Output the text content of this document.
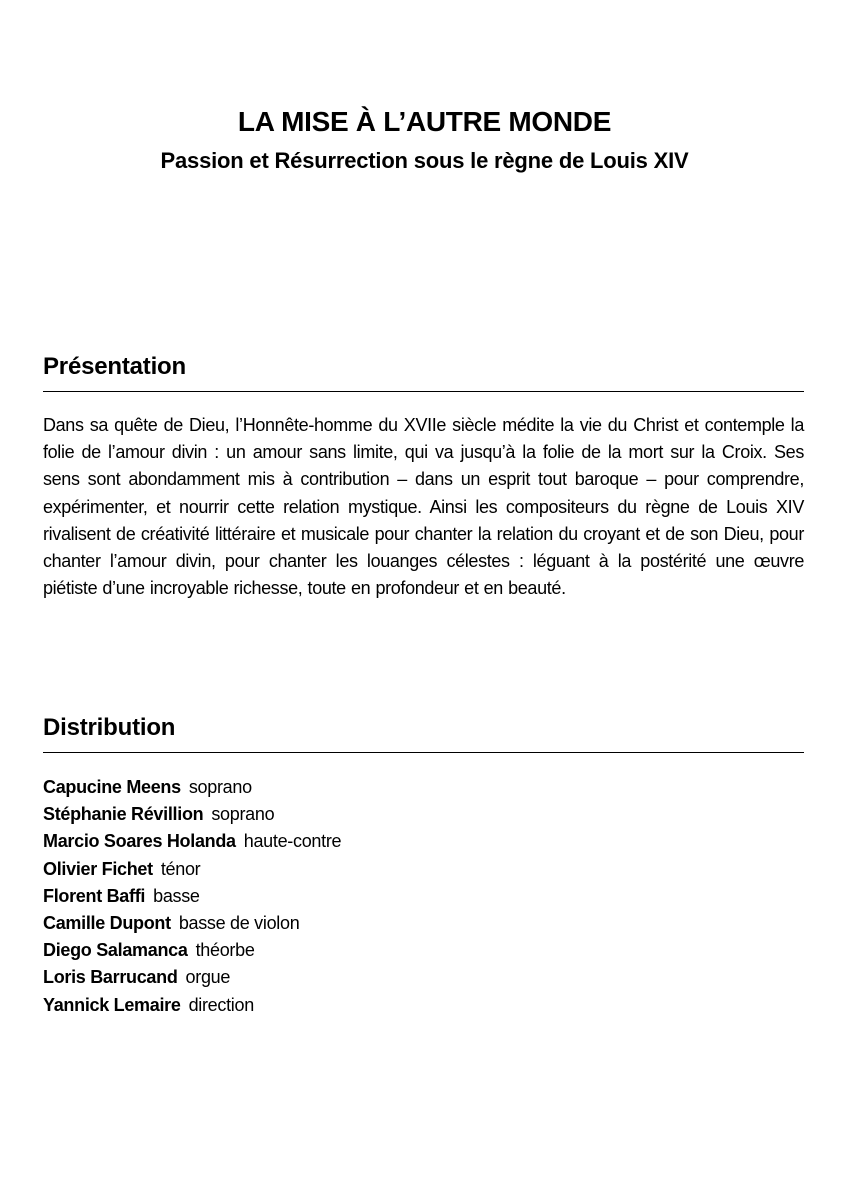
LA MISE À L’AUTRE MONDE
Passion et Résurrection sous le règne de Louis XIV
Présentation

Dans sa quête de Dieu, l’Honnête-homme du XVIIe siècle médite la vie du Christ et contemple la folie de l’amour divin : un amour sans limite, qui va jusqu’à la folie de la mort sur la Croix. Ses sens sont abondamment mis à contribution – dans un esprit tout baroque – pour comprendre, expérimenter, et nourrir cette relation mystique. Ainsi les compositeurs du règne de Louis XIV rivalisent de créativité littéraire et musicale pour chanter la relation du croyant et de son Dieu, pour chanter l’amour divin, pour chanter les louanges célestes : léguant à la postérité une œuvre piétiste d’une incroyable richesse, toute en profondeur et en beauté.

Distribution
Capucine Meens soprano
Stéphanie Révillion soprano
Marcio Soares Holanda haute-contre
Olivier Fichet ténor
Florent Baffi basse
Camille Dupont basse de violon
Diego Salamanca théorbe
Loris Barrucand orgue
Yannick Lemaire direction
